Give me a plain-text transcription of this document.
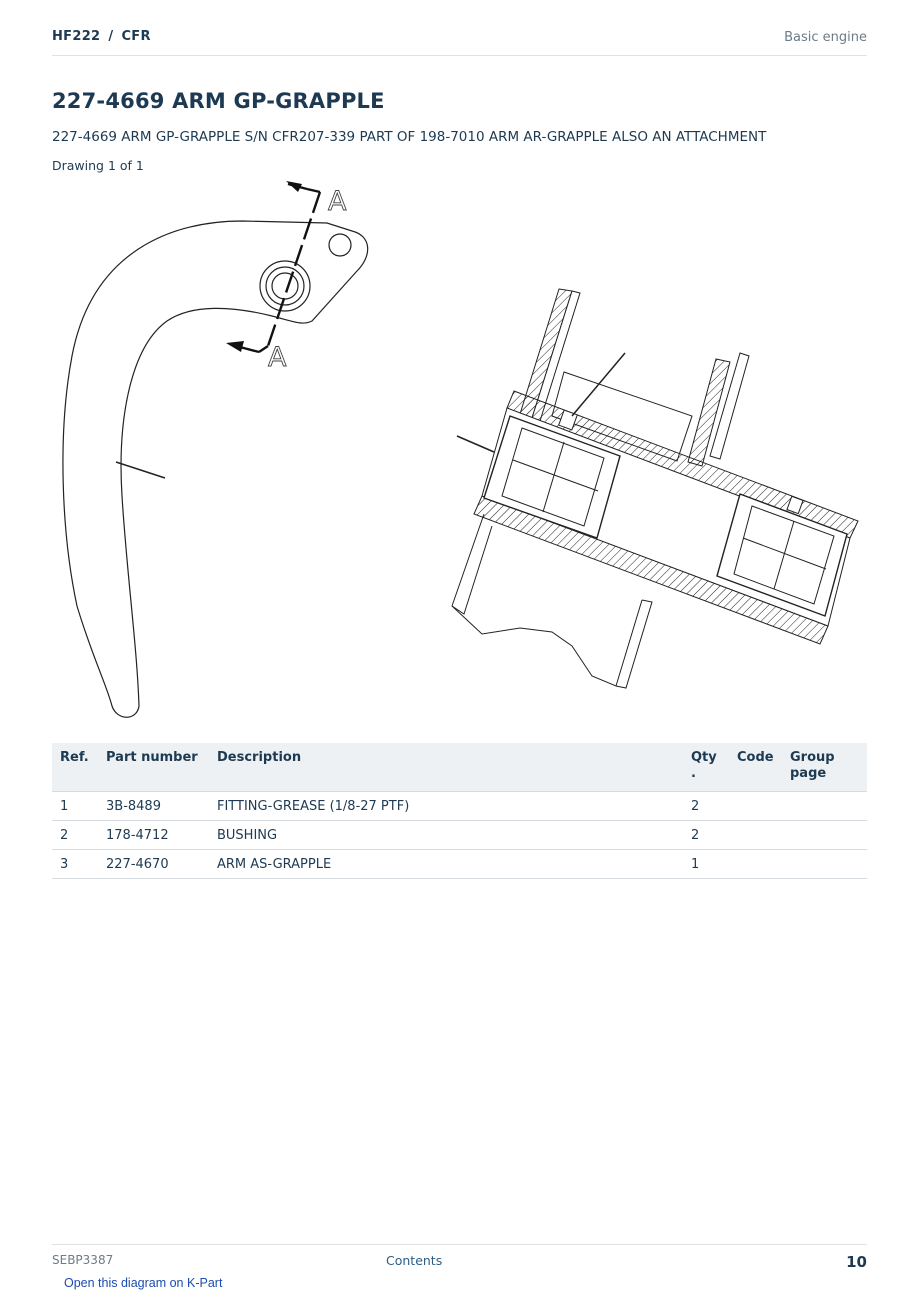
HF222 / CFR	Basic engine
227-4669 ARM GP-GRAPPLE
227-4669 ARM GP-GRAPPLE S/N CFR207-339 PART OF 198-7010 ARM AR-GRAPPLE ALSO AN ATTACHMENT
Drawing 1 of 1
A
A
Ref.	Part number	Description	Qty .	Code	Group page
1	3B-8489	FITTING-GREASE (1/8-27 PTF)	2		
2	178-4712	BUSHING	2		
3	227-4670	ARM AS-GRAPPLE	1		
SEBP3387	Contents	10
Open this diagram on K-Part
